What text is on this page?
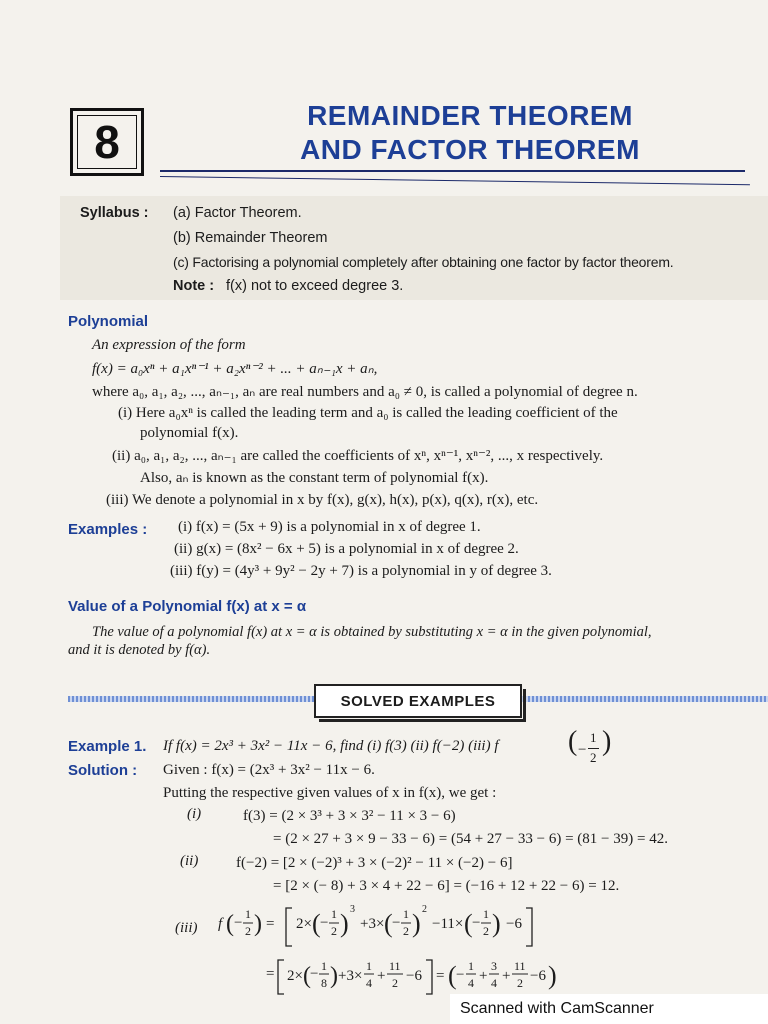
8
REMAINDER THEOREM
AND FACTOR THEOREM
Syllabus : (a) Factor Theorem.
(b) Remainder Theorem
(c) Factorising a polynomial completely after obtaining one factor by factor theorem.
Note : f(x) not to exceed degree 3.
Polynomial
An expression of the form
f(x) = a₀xⁿ + a₁xⁿ⁻¹ + a₂xⁿ⁻² + ... + aₙ₋₁x + aₙ,
where a₀, a₁, a₂, ..., aₙ₋₁, aₙ are real numbers and a₀ ≠ 0, is called a polynomial of degree n.
(i) Here a₀xⁿ is called the leading term and a₀ is called the leading coefficient of the
polynomial f(x).
(ii) a₀, a₁, a₂, ..., aₙ₋₁ are called the coefficients of xⁿ, xⁿ⁻¹, xⁿ⁻², ..., x respectively.
Also, aₙ is known as the constant term of polynomial f(x).
(iii) We denote a polynomial in x by f(x), g(x), h(x), p(x), q(x), r(x), etc.
Examples : (i) f(x) = (5x + 9) is a polynomial in x of degree 1.
(ii) g(x) = (8x² − 6x + 5) is a polynomial in x of degree 2.
(iii) f(y) = (4y³ + 9y² − 2y + 7) is a polynomial in y of degree 3.
Value of a Polynomial f(x) at x = α
The value of a polynomial f(x) at x = α is obtained by substituting x = α in the given polynomial,
and it is denoted by f(α).
SOLVED EXAMPLES
Example 1. If f(x) = 2x³ + 3x² − 11x − 6, find (i) f(3) (ii) f(−2) (iii) f ( −
1
2
)
Solution : Given : f(x) = (2x³ + 3x² − 11x − 6.
Putting the respective given values of x in f(x), we get :
(i)	f(3) = (2 × 3³ + 3 × 3² − 11 × 3 − 6)
= (2 × 27 + 3 × 9 − 33 − 6) = (54 + 27 − 33 − 6) = (81 − 39) = 42.
(ii)	f(−2) = [2 × (−2)³ + 3 × (−2)² − 11 × (−2) − 6]
= [2 × (− 8) + 3 × 4 + 22 − 6] = (−16 + 12 + 22 − 6) = 12.
(iii) f ( −
1
2 ) = 2× ( −
1
2 ) 3
+3× ( −
1
2 ) 2
−11× ( −
1
2 ) −6
= 2× ( − 1
8 ) +3×
1
4 +
11
2 −6 = ( −
1
4 +
3
4 +
11
2 −6 )
Scanned with CamScanner
